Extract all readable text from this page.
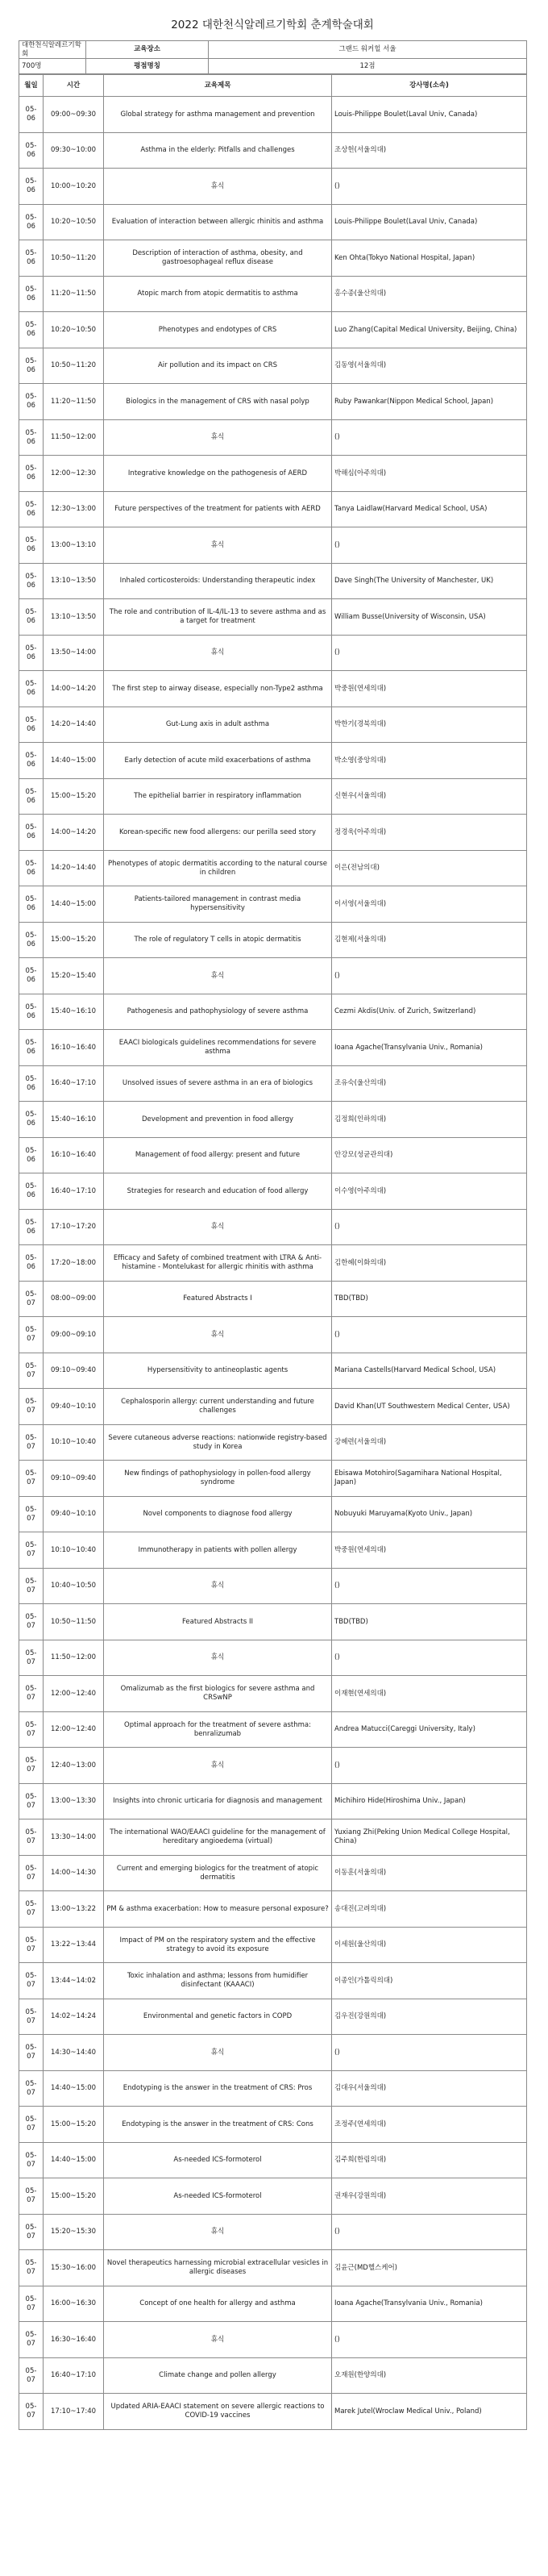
2022 대한천식알레르기학회 춘계학술대회
대한천식알레르기학회	교육장소	그랜드 워커힐 서울
700명	평점명칭	12점
월일	시간	교육제목	강사명(소속)
05-06	09:00~09:30	Global strategy for asthma management and prevention	Louis-Philippe Boulet(Laval Univ, Canada)
05-06	09:30~10:00	Asthma in the elderly: Pitfalls and challenges	조상헌(서울의대)
05-06	10:00~10:20	휴식	()
05-06	10:20~10:50	Evaluation of interaction between allergic rhinitis and asthma	Louis-Philippe Boulet(Laval Univ, Canada)
05-06	10:50~11:20	Description of interaction of asthma, obesity, and gastroesophageal reflux disease	Ken Ohta(Tokyo National Hospital, Japan)
05-06	11:20~11:50	Atopic march from atopic dermatitis to asthma	홍수종(울산의대)
05-06	10:20~10:50	Phenotypes and endotypes of CRS	Luo Zhang(Capital Medical University, Beijing, China)
05-06	10:50~11:20	Air pollution and its impact on CRS	김동영(서울의대)
05-06	11:20~11:50	Biologics in the management of CRS with nasal polyp	Ruby Pawankar(Nippon Medical School, Japan)
05-06	11:50~12:00	휴식	()
05-06	12:00~12:30	Integrative knowledge on the pathogenesis of AERD	박해심(아주의대)
05-06	12:30~13:00	Future perspectives of the treatment for patients with AERD	Tanya Laidlaw(Harvard Medical School, USA)
05-06	13:00~13:10	휴식	()
05-06	13:10~13:50	Inhaled corticosteroids: Understanding therapeutic index	Dave Singh(The University of Manchester, UK)
05-06	13:10~13:50	The role and contribution of IL-4/IL-13 to severe asthma and as a target for treatment	William Busse(University of Wisconsin, USA)
05-06	13:50~14:00	휴식	()
05-06	14:00~14:20	The first step to airway disease, especially non-Type2 asthma	박중원(연세의대)
05-06	14:20~14:40	Gut-Lung axis in adult asthma	박한기(경북의대)
05-06	14:40~15:00	Early detection of acute mild exacerbations of asthma	박소영(중앙의대)
05-06	15:00~15:20	The epithelial barrier in respiratory inflammation	신현우(서울의대)
05-06	14:00~14:20	Korean-specific new food allergens: our perilla seed story	정경욱(아주의대)
05-06	14:20~14:40	Phenotypes of atopic dermatitis according to the natural course in children	이은(전남의대)
05-06	14:40~15:00	Patients-tailored management in contrast media hypersensitivity	이서영(서울의대)
05-06	15:00~15:20	The role of regulatory T cells in atopic dermatitis	김현제(서울의대)
05-06	15:20~15:40	휴식	()
05-06	15:40~16:10	Pathogenesis and pathophysiology of severe asthma	Cezmi Akdis(Univ. of Zurich, Switzerland)
05-06	16:10~16:40	EAACI biologicals guidelines recommendations for severe asthma	Ioana Agache(Transylvania Univ., Romania)
05-06	16:40~17:10	Unsolved issues of severe asthma in an era of biologics	조유숙(울산의대)
05-06	15:40~16:10	Development and prevention in food allergy	김정희(인하의대)
05-06	16:10~16:40	Management of food allergy: present and future	안강모(성균관의대)
05-06	16:40~17:10	Strategies for research and education of food allergy	이수영(아주의대)
05-06	17:10~17:20	휴식	()
05-06	17:20~18:00	Efficacy and Safety of combined treatment with LTRA & Anti-histamine - Montelukast for allergic rhinitis with asthma	김한혜(이화의대)
05-07	08:00~09:00	Featured Abstracts I	TBD(TBD)
05-07	09:00~09:10	휴식	()
05-07	09:10~09:40	Hypersensitivity to antineoplastic agents	Mariana Castells(Harvard Medical School, USA)
05-07	09:40~10:10	Cephalosporin allergy: current understanding and future challenges	David Khan(UT Southwestern Medical Center, USA)
05-07	10:10~10:40	Severe cutaneous adverse reactions: nationwide registry-based study in Korea	강혜련(서울의대)
05-07	09:10~09:40	New findings of pathophysiology in pollen-food allergy syndrome	Ebisawa Motohiro(Sagamihara National Hospital, Japan)
05-07	09:40~10:10	Novel components to diagnose food allergy	Nobuyuki Maruyama(Kyoto Univ., Japan)
05-07	10:10~10:40	Immunotherapy in patients with pollen allergy	박중원(연세의대)
05-07	10:40~10:50	휴식	()
05-07	10:50~11:50	Featured Abstracts II	TBD(TBD)
05-07	11:50~12:00	휴식	()
05-07	12:00~12:40	Omalizumab as the first biologics for severe asthma and CRSwNP	이재현(연세의대)
05-07	12:00~12:40	Optimal approach for the treatment of severe asthma: benralizumab	Andrea Matucci(Careggi University, Italy)
05-07	12:40~13:00	휴식	()
05-07	13:00~13:30	Insights into chronic urticaria for diagnosis and management	Michihiro Hide(Hiroshima Univ., Japan)
05-07	13:30~14:00	The international WAO/EAACI guideline for the management of hereditary angioedema (virtual)	Yuxiang Zhi(Peking Union Medical College Hospital, China)
05-07	14:00~14:30	Current and emerging biologics for the treatment of atopic dermatitis	이동훈(서울의대)
05-07	13:00~13:22	PM & asthma exacerbation: How to measure personal exposure?	송대진(고려의대)
05-07	13:22~13:44	Impact of PM on the respiratory system and the effective strategy to avoid its exposure	이세원(울산의대)
05-07	13:44~14:02	Toxic inhalation and asthma; lessons from humidifier disinfectant (KAAACI)	이종인(가톨릭의대)
05-07	14:02~14:24	Environmental and genetic factors in COPD	김우진(강원의대)
05-07	14:30~14:40	휴식	()
05-07	14:40~15:00	Endotyping is the answer in the treatment of CRS: Pros	김대우(서울의대)
05-07	15:00~15:20	Endotyping is the answer in the treatment of CRS: Cons	조정주(연세의대)
05-07	14:40~15:00	As-needed ICS-formoterol	김주희(한림의대)
05-07	15:00~15:20	As-needed ICS-formoterol	권재우(강원의대)
05-07	15:20~15:30	휴식	()
05-07	15:30~16:00	Novel therapeutics harnessing microbial extracellular vesicles in allergic diseases	김윤근(MD헬스케어)
05-07	16:00~16:30	Concept of one health for allergy and asthma	Ioana Agache(Transylvania Univ., Romania)
05-07	16:30~16:40	휴식	()
05-07	16:40~17:10	Climate change and pollen allergy	오재원(한양의대)
05-07	17:10~17:40	Updated ARIA-EAACI statement on severe allergic reactions to COVID-19 vaccines	Marek Jutel(Wroclaw Medical Univ., Poland)
